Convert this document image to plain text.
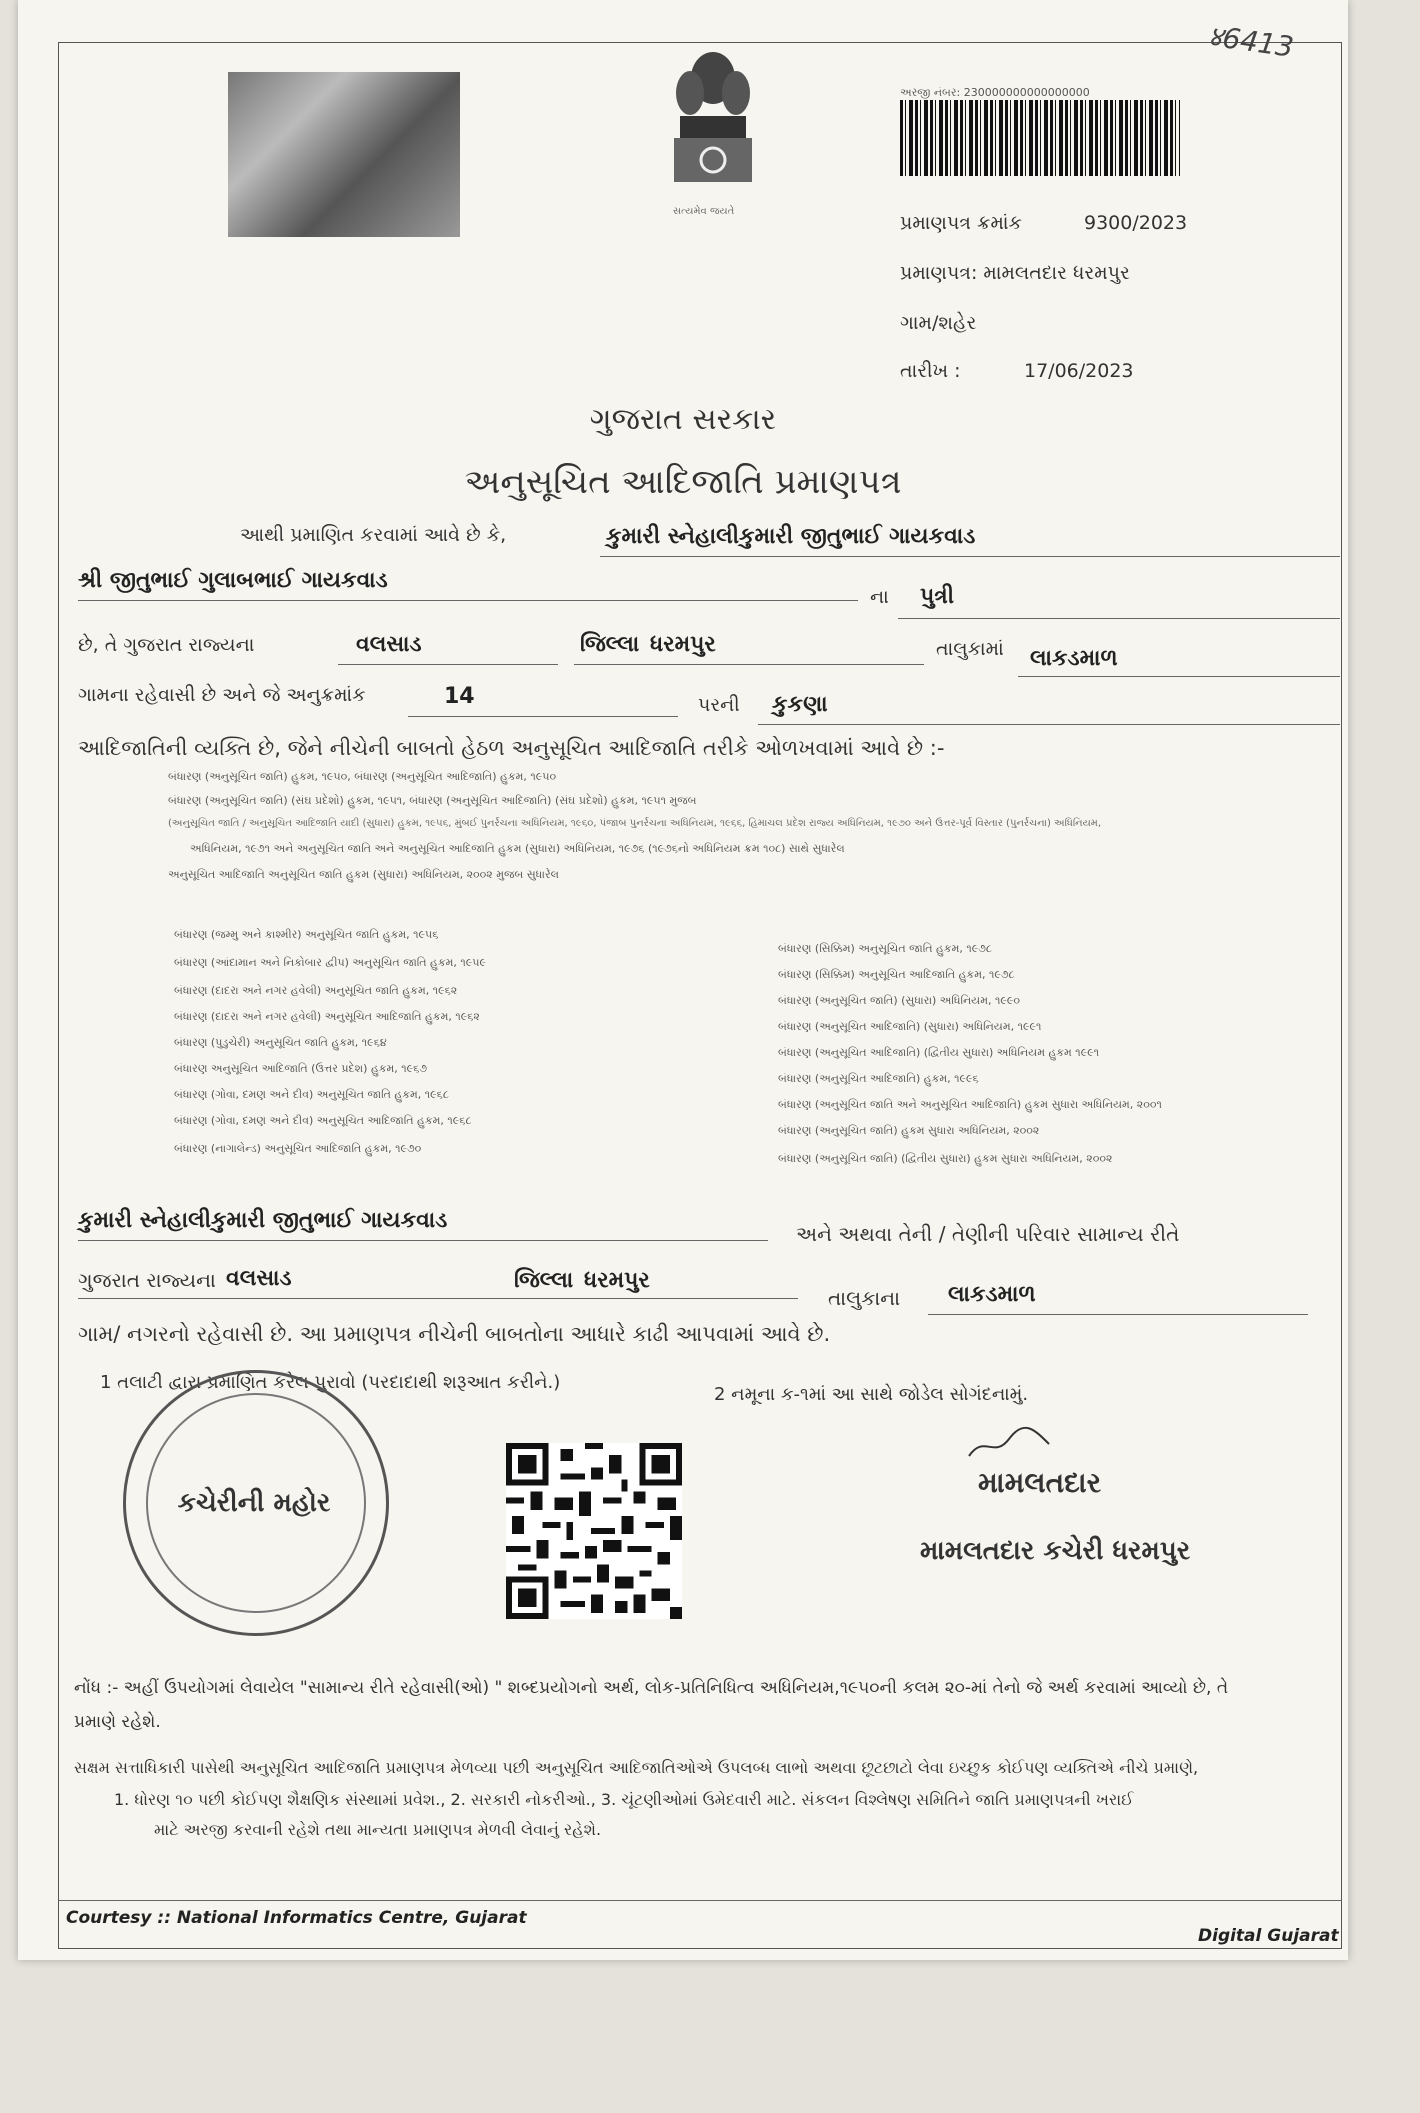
४6413
સત્યમેવ જયતે
અરજી નંબર: 230000000000000000
પ્રમાણપત્ર ક્રમાંક	9300/2023
પ્રમાણપત્ર: મામલતદાર ધરમપુર
ગામ/શહેર
તારીખ :	17/06/2023
ગુજરાત સરકાર
અનુસૂચિત આદિજાતિ પ્રમાણપત્ર
આથી પ્રમાણિત કરવામાં આવે છે કે,	કુમારી સ્નેહાલીકુમારી જીતુભાઈ ગાયકવાડ
શ્રી જીતુભાઈ ગુલાબભાઈ ગાયકવાડ
ના પુત્રી
છે, તે ગુજરાત રાજ્યના	વલસાડ	જિલ્લા ધરમપુર	તાલુકામાં લાકડમાળ
ગામના રહેવાસી છે અને જે અનુક્રમાંક	14	પરની કુકણા
આદિજાતિની વ્યક્તિ છે, જેને નીચેની બાબતો હેઠળ અનુસૂચિત આદિજાતિ તરીકે ઓળખવામાં આવે છે :-
બંધારણ (અનુસૂચિત જાતિ) હુકમ, ૧૯૫૦, બંધારણ (અનુસૂચિત આદિજાતિ) હુકમ, ૧૯૫૦
બંધારણ (અનુસૂચિત જાતિ) (સંઘ પ્રદેશો) હુકમ, ૧૯૫૧, બંધારણ (અનુસૂચિત આદિજાતિ) (સંઘ પ્રદેશો) હુકમ, ૧૯૫૧ મુજબ
(અનુસૂચિત જાતિ / અનુસૂચિત આદિજાતિ યાદી (સુધારા) હુકમ, ૧૯૫૬, મુંબઈ પુનર્રચના અધિનિયમ, ૧૯૬૦, પંજાબ પુનર્રચના અધિનિયમ, ૧૯૬૬, હિમાચલ પ્રદેશ રાજ્ય અધિનિયમ, ૧૯૭૦ અને ઉત્તર-પૂર્વ વિસ્તાર (પુનર્રચના) અધિનિયમ,
અધિનિયમ, ૧૯૭૧ અને અનુસૂચિત જાતિ અને અનુસૂચિત આદિજાતિ હુકમ (સુધારા) અધિનિયમ, ૧૯૭૬ (૧૯૭૬નો અધિનિયમ ક્રમ ૧૦૮) સાથે સુધારેલ
અનુસૂચિત આદિજાતિ અનુસૂચિત જાતિ હુકમ (સુધારા) અધિનિયમ, ૨૦૦૨ મુજબ સુધારેલ
બંધારણ (જમ્મુ અને કાશ્મીર) અનુસૂચિત જાતિ હુકમ, ૧૯૫૬
બંધારણ (આંદામાન અને નિકોબાર દ્વીપ) અનુસૂચિત જાતિ હુકમ, ૧૯૫૯
બંધારણ (દાદરા અને નગર હવેલી) અનુસૂચિત જાતિ હુકમ, ૧૯૬૨
બંધારણ (દાદરા અને નગર હવેલી) અનુસૂચિત આદિજાતિ હુકમ, ૧૯૬૨
બંધારણ (પુડુચેરી) અનુસૂચિત જાતિ હુકમ, ૧૯૬૪
બંધારણ અનુસૂચિત આદિજાતિ (ઉત્તર પ્રદેશ) હુકમ, ૧૯૬૭
બંધારણ (ગોવા, દમણ અને દીવ) અનુસૂચિત જાતિ હુકમ, ૧૯૬૮
બંધારણ (ગોવા, દમણ અને દીવ) અનુસૂચિત આદિજાતિ હુકમ, ૧૯૬૮
બંધારણ (નાગાલેન્ડ) અનુસૂચિત આદિજાતિ હુકમ, ૧૯૭૦
બંધારણ (સિક્કિમ) અનુસૂચિત જાતિ હુકમ, ૧૯૭૮
બંધારણ (સિક્કિમ) અનુસૂચિત આદિજાતિ હુકમ, ૧૯૭૮
બંધારણ (અનુસૂચિત જાતિ) (સુધારા) અધિનિયમ, ૧૯૯૦
બંધારણ (અનુસૂચિત આદિજાતિ) (સુધારા) અધિનિયમ, ૧૯૯૧
બંધારણ (અનુસૂચિત આદિજાતિ) (દ્વિતીય સુધારા) અધિનિયમ હુકમ ૧૯૯૧
બંધારણ (અનુસૂચિત આદિજાતિ) હુકમ, ૧૯૯૬
બંધારણ (અનુસૂચિત જાતિ અને અનુસૂચિત આદિજાતિ) હુકમ સુધારા અધિનિયમ, ૨૦૦૧
બંધારણ (અનુસૂચિત જાતિ) હુકમ સુધારા અધિનિયમ, ૨૦૦૨
બંધારણ (અનુસૂચિત જાતિ) (દ્વિતીય સુધારા) હુકમ સુધારા અધિનિયમ, ૨૦૦૨
કુમારી સ્નેહાલીકુમારી જીતુભાઈ ગાયકવાડ
અને અથવા તેની / તેણીની પરિવાર સામાન્ય રીતે
ગુજરાત રાજ્યના વલસાડ	જિલ્લા ધરમપુર
તાલુકાના લાકડમાળ
ગામ/ નગરનો રહેવાસી છે. આ પ્રમાણપત્ર નીચેની બાબતોના આધારે કાઢી આપવામાં આવે છે.
1 તલાટી દ્વારા પ્રમાણિત કરેલ પુરાવો (પરદાદાથી શરૂઆત કરીને.)
2 નમૂના ક-૧માં આ સાથે જોડેલ સોગંદનામું.
કચેરીની મહોર
મામલતદાર
મામલતદાર કચેરી ધરમપુર
નોંધ :- અહીં ઉપયોગમાં લેવાયેલ "સામાન્ય રીતે રહેવાસી(ઓ) " શબ્દપ્રયોગનો અર્થ, લોક-પ્રતિનિધિત્વ અધિનિયમ,૧૯૫૦ની કલમ ૨૦-માં તેનો જે અર્થ કરવામાં આવ્યો છે, તે
પ્રમાણે રહેશે.
સક્ષમ સત્તાધિકારી પાસેથી અનુસૂચિત આદિજાતિ પ્રમાણપત્ર મેળવ્યા પછી અનુસૂચિત આદિજાતિઓએ ઉપલબ્ધ લાભો અથવા છૂટછાટો લેવા ઇચ્છુક કોઈપણ વ્યક્તિએ નીચે પ્રમાણે,
1. ધોરણ ૧૦ પછી કોઈપણ શૈક્ષણિક સંસ્થામાં પ્રવેશ., 2. સરકારી નોકરીઓ., 3. ચૂંટણીઓમાં ઉમેદવારી માટે. સંકલન વિશ્લેષણ સમિતિને જાતિ પ્રમાણપત્રની ખરાઈ
માટે અરજી કરવાની રહેશે તથા માન્યતા પ્રમાણપત્ર મેળવી લેવાનું રહેશે.
Courtesy :: National Informatics Centre, Gujarat
Digital Gujarat
